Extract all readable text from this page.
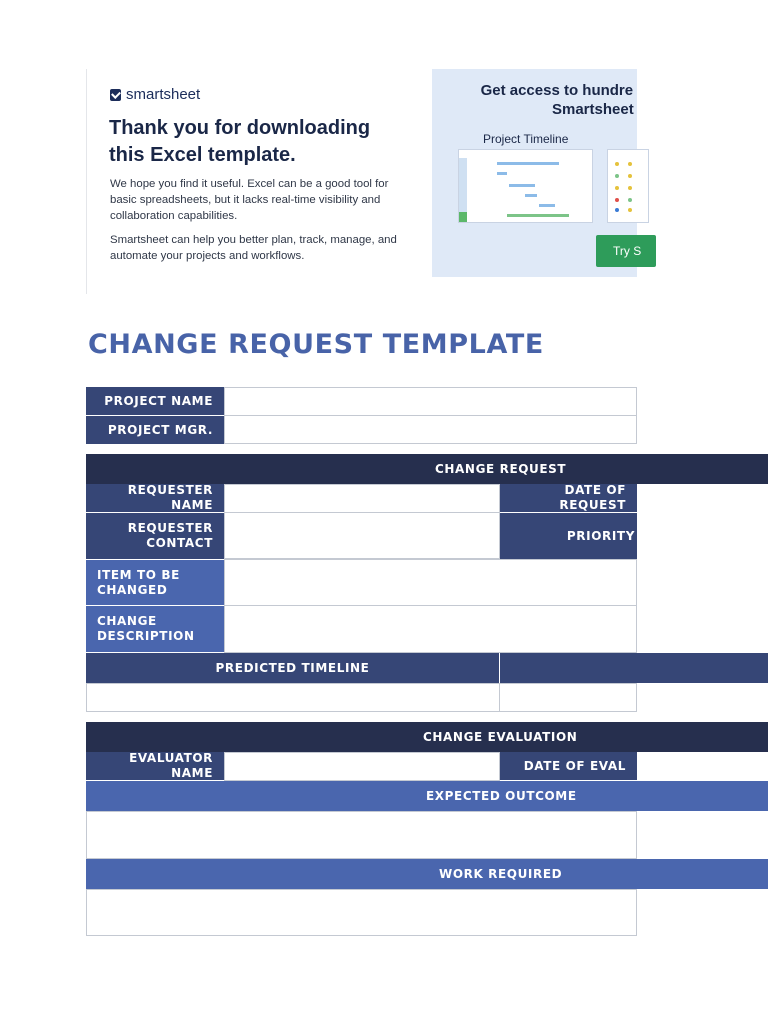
smartsheet
Thank you for downloading
this Excel template.
We hope you find it useful. Excel can be a good tool for basic spreadsheets, but it lacks real-time visibility and collaboration capabilities.
Smartsheet can help you better plan, track, manage, and automate your projects and workflows.
Get access to hundre
Smartsheet
Project Timeline
Try S
CHANGE REQUEST TEMPLATE
PROJECT NAME
PROJECT MGR.
CHANGE REQUEST
REQUESTER NAME
DATE OF REQUEST
REQUESTER CONTACT
PRIORITY
ITEM TO BE CHANGED
CHANGE DESCRIPTION
PREDICTED TIMELINE
CHANGE EVALUATION
EVALUATOR NAME
DATE OF EVAL
EXPECTED OUTCOME
WORK REQUIRED
